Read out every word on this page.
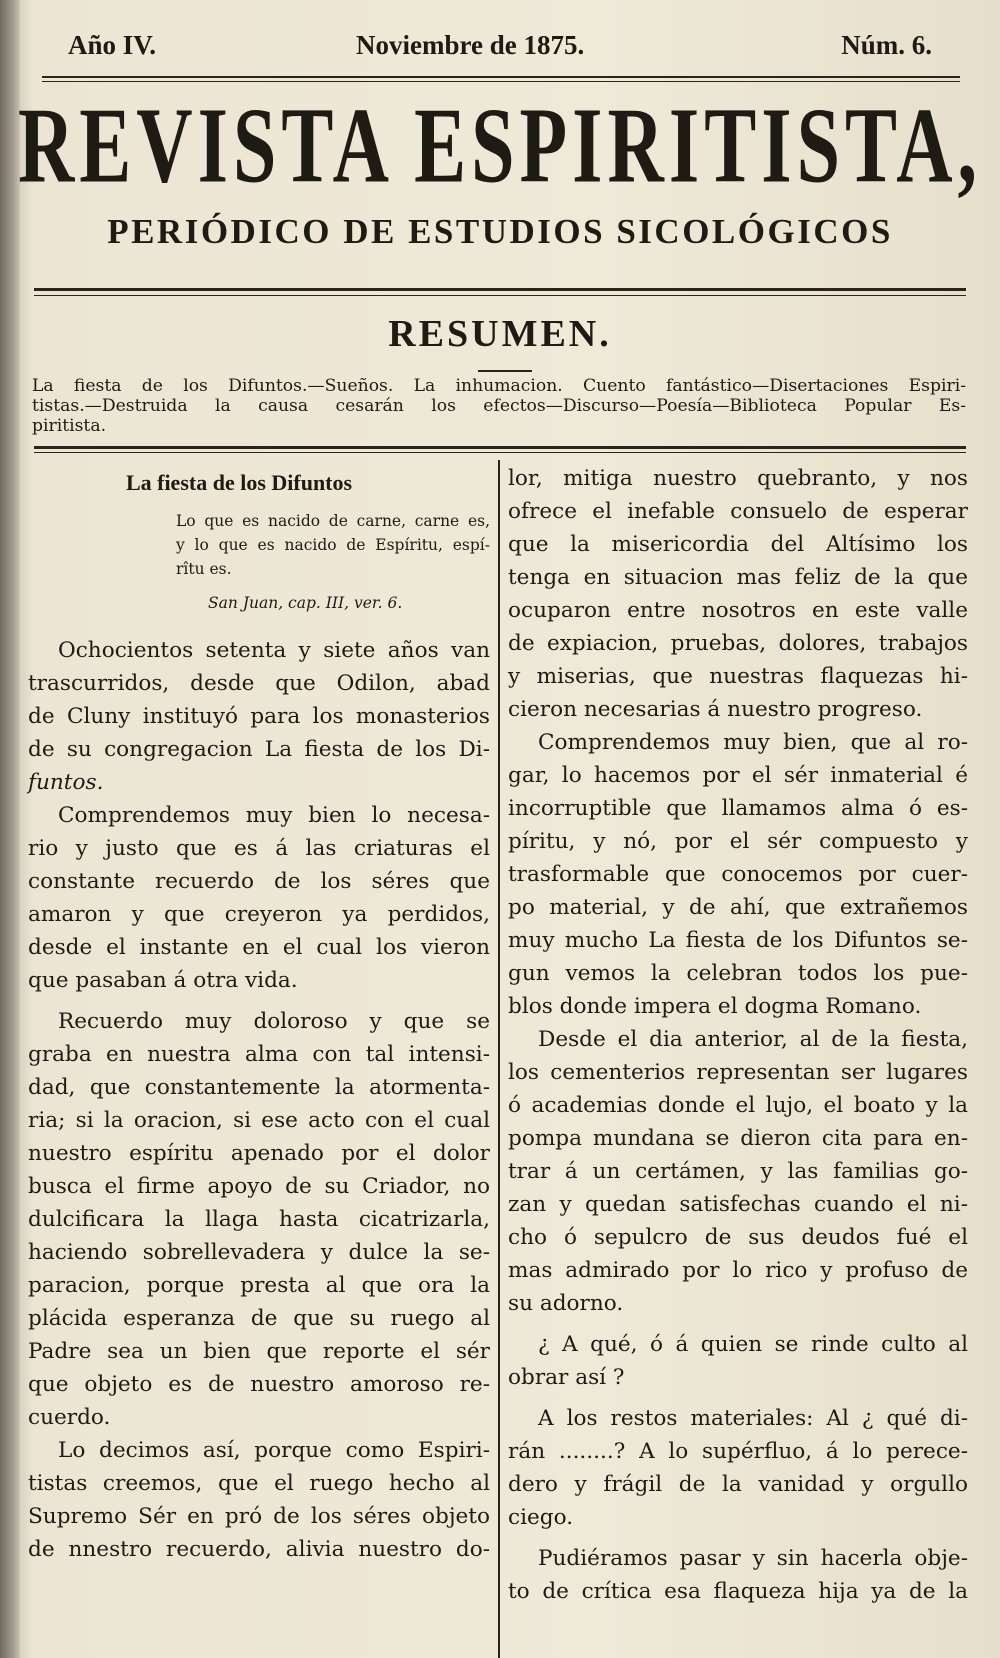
Año IV.	Noviembre de 1875.	Núm. 6.
REVISTA ESPIRITISTA,
PERIÓDICO DE ESTUDIOS SICOLÓGICOS
RESUMEN.
La fiesta de los Difuntos.—Sueños. La inhumacion. Cuento fantástico—Disertaciones Espiri-
tistas.—Destruida la causa cesarán los efectos—Discurso—Poesía—Biblioteca Popular Es-
piritista.
La fiesta de los Difuntos
Lo que es nacido de carne, carne es,
y lo que es nacido de Espíritu, espí-
rîtu es.
San Juan, cap. III, ver. 6.

Ochocientos setenta y siete años van

trascurridos, desde que Odilon, abad

de Cluny instituyó para los monasterios

de su congregacion La fiesta de los Di-

funtos.

Comprendemos muy bien lo necesa-

rio y justo que es á las criaturas el

constante recuerdo de los séres que

amaron y que creyeron ya perdidos,

desde el instante en el cual los vieron

que pasaban á otra vida.

Recuerdo muy doloroso y que se

graba en nuestra alma con tal intensi-

dad, que constantemente la atormenta-

ria; si la oracion, si ese acto con el cual

nuestro espíritu apenado por el dolor

busca el firme apoyo de su Criador, no

dulcificara la llaga hasta cicatrizarla,

haciendo sobrellevadera y dulce la se-

paracion, porque presta al que ora la

plácida esperanza de que su ruego al

Padre sea un bien que reporte el sér

que objeto es de nuestro amoroso re-

cuerdo.

Lo decimos así, porque como Espiri-

tistas creemos, que el ruego hecho al

Supremo Sér en pró de los séres objeto

de nnestro recuerdo, alivia nuestro do-

lor, mitiga nuestro quebranto, y nos

ofrece el inefable consuelo de esperar

que la misericordia del Altísimo los

tenga en situacion mas feliz de la que

ocuparon entre nosotros en este valle

de expiacion, pruebas, dolores, trabajos

y miserias, que nuestras flaquezas hi-

cieron necesarias á nuestro progreso.

Comprendemos muy bien, que al ro-

gar, lo hacemos por el sér inmaterial é

incorruptible que llamamos alma ó es-

píritu, y nó, por el sér compuesto y

trasformable que conocemos por cuer-

po material, y de ahí, que extrañemos

muy mucho La fiesta de los Difuntos se-

gun vemos la celebran todos los pue-

blos donde impera el dogma Romano.

Desde el dia anterior, al de la fiesta,

los cementerios representan ser lugares

ó academias donde el lujo, el boato y la

pompa mundana se dieron cita para en-

trar á un certámen, y las familias go-

zan y quedan satisfechas cuando el ni-

cho ó sepulcro de sus deudos fué el

mas admirado por lo rico y profuso de

su adorno.

¿ A qué, ó á quien se rinde culto al

obrar así ?

A los restos materiales: Al ¿ qué di-

rán ........? A lo supérfluo, á lo perece-

dero y frágil de la vanidad y orgullo

ciego.

Pudiéramos pasar y sin hacerla obje-

to de crítica esa flaqueza hija ya de la
